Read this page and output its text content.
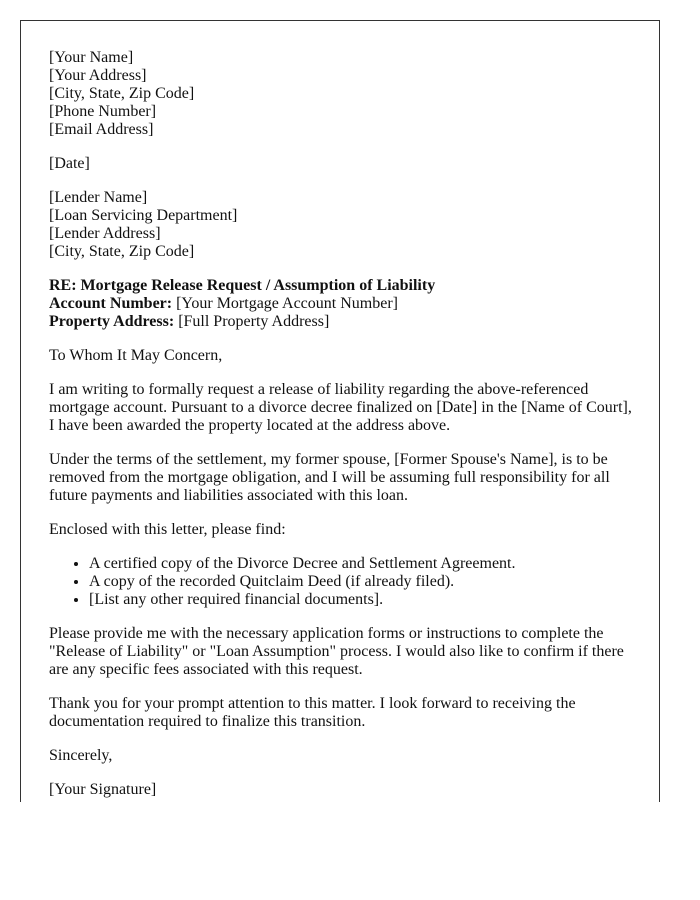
[Your Name]
[Your Address]
[City, State, Zip Code]
[Phone Number]
[Email Address]
[Date]
[Lender Name]
[Loan Servicing Department]
[Lender Address]
[City, State, Zip Code]
RE: Mortgage Release Request / Assumption of Liability
Account Number: [Your Mortgage Account Number]
Property Address: [Full Property Address]

To Whom It May Concern,

I am writing to formally request a release of liability regarding the above-referenced mortgage account. Pursuant to a divorce decree finalized on [Date] in the [Name of Court], I have been awarded the property located at the address above.

Under the terms of the settlement, my former spouse, [Former Spouse's Name], is to be removed from the mortgage obligation, and I will be assuming full responsibility for all future payments and liabilities associated with this loan.

Enclosed with this letter, please find:

• A certified copy of the Divorce Decree and Settlement Agreement.
• A copy of the recorded Quitclaim Deed (if already filed).
• [List any other required financial documents].

Please provide me with the necessary application forms or instructions to complete the "Release of Liability" or "Loan Assumption" process. I would also like to confirm if there are any specific fees associated with this request.

Thank you for your prompt attention to this matter. I look forward to receiving the documentation required to finalize this transition.

Sincerely,

[Your Signature]
